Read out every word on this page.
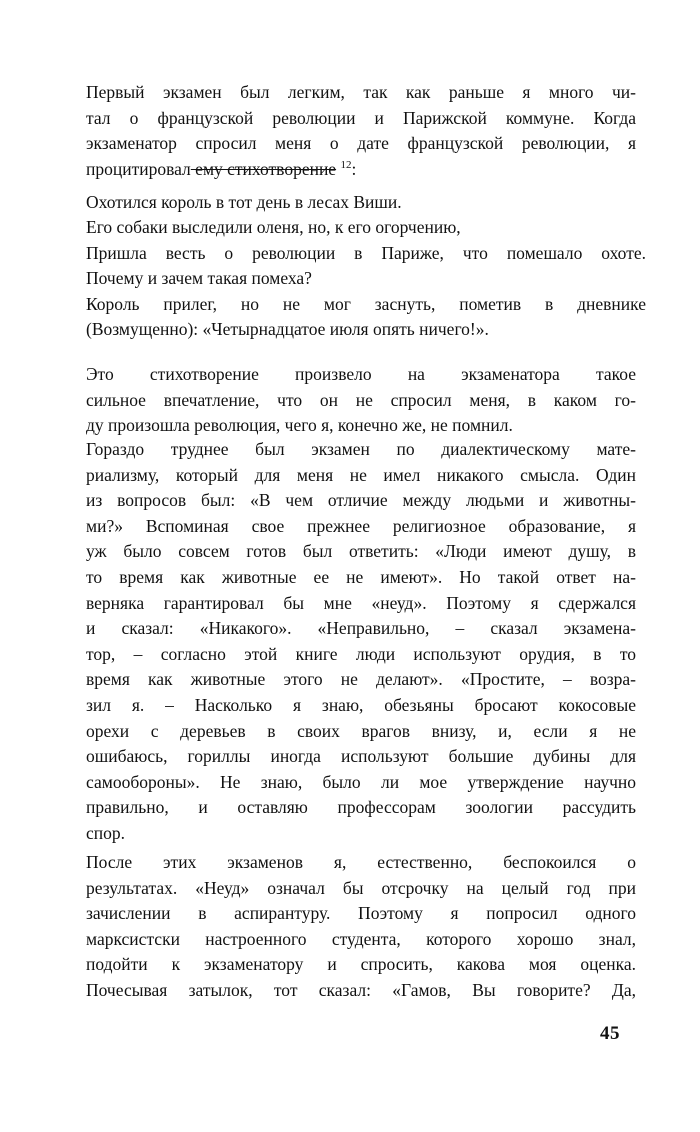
Первый экзамен был легким, так как раньше я много чи-
тал о французской революции и Парижской коммуне. Когда
экзаменатор спросил меня о дате французской революции, я
процитировал ему стихотворение $^{12}$:
Охотился король в тот день в лесах Виши.
Его собаки выследили оленя, но, к его огорчению,
Пришла весть о революции в Париже, что помешало охоте.
Почему и зачем такая помеха?
Король прилег, но не мог заснуть, пометив в дневнике
(Возмущенно): «Четырнадцатое июля опять ничего!».
Это стихотворение произвело на экзаменатора такое
сильное впечатление, что он не спросил меня, в каком го-
ду произошла революция, чего я, конечно же, не помнил.
Гораздо труднее был экзамен по диалектическому мате-
риализму, который для меня не имел никакого смысла. Один
из вопросов был: «В чем отличие между людьми и животны-
ми?» Вспоминая свое прежнее религиозное образование, я
уж было совсем готов был ответить: «Люди имеют душу, в
то время как животные ее не имеют». Но такой ответ на-
верняка гарантировал бы мне «неуд». Поэтому я сдержался
и сказал: «Никакого». «Неправильно, – сказал экзамена-
тор, – согласно этой книге люди используют орудия, в то
время как животные этого не делают». «Простите, – возра-
зил я. – Насколько я знаю, обезьяны бросают кокосовые
орехи с деревьев в своих врагов внизу, и, если я не
ошибаюсь, гориллы иногда используют большие дубины для
самообороны». Не знаю, было ли мое утверждение научно
правильно, и оставляю профессорам зоологии рассудить
спор.
После этих экзаменов я, естественно, беспокоился о
результатах. «Неуд» означал бы отсрочку на целый год при
зачислении в аспирантуру. Поэтому я попросил одного
марксистски настроенного студента, которого хорошо знал,
подойти к экзаменатору и спросить, какова моя оценка.
Почесывая затылок, тот сказал: «Гамов, Вы говорите? Да,
45
